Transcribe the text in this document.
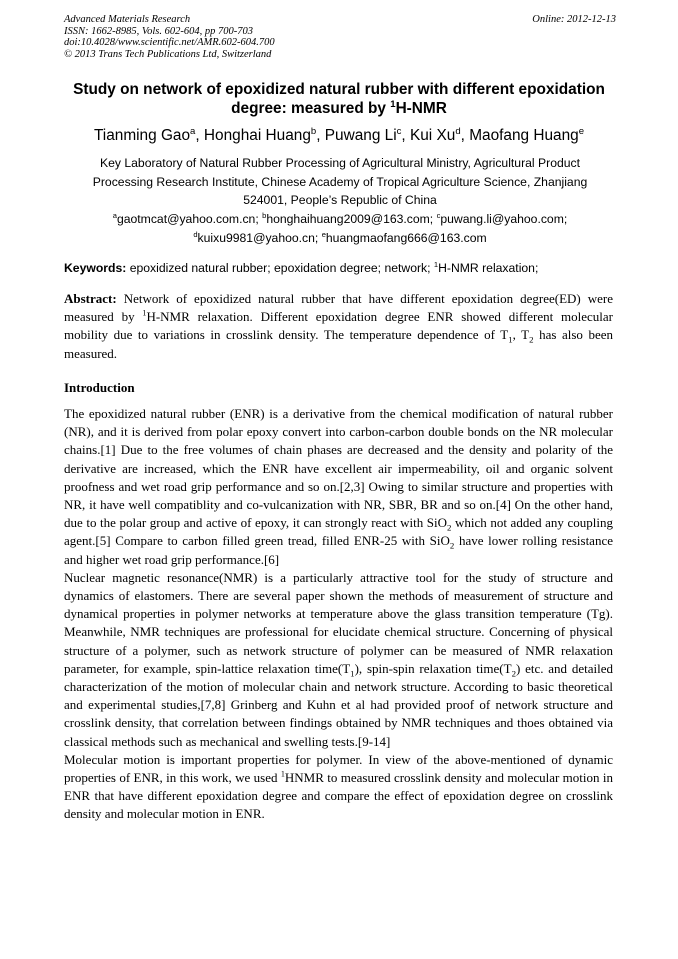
Advanced Materials Research
ISSN: 1662-8985, Vols. 602-604, pp 700-703
doi:10.4028/www.scientific.net/AMR.602-604.700
© 2013 Trans Tech Publications Ltd, Switzerland
Online: 2012-12-13
Study on network of epoxidized natural rubber with different epoxidation
degree: measured by $^1$H-NMR
Tianming Gao$^a$, Honghai Huang$^b$, Puwang Li$^c$, Kui Xu$^d$, Maofang Huang$^e$
Key Laboratory of Natural Rubber Processing of Agricultural Ministry, Agricultural Product
Processing Research Institute, Chinese Academy of Tropical Agriculture Science, Zhanjiang
524001, People’s Republic of China
$^a$gaotmcat@yahoo.com.cn; $^b$honghaihuang2009@163.com; $^c$puwang.li@yahoo.com;
$^d$kuixu9981@yahoo.cn; $^e$huangmaofang666@163.com
Keywords: epoxidized natural rubber; epoxidation degree; network; $^1$H-NMR relaxation;
Abstract: Network of epoxidized natural rubber that have different epoxidation degree(ED) were measured by $^1$H-NMR relaxation. Different epoxidation degree ENR showed different molecular mobility due to variations in crosslink density. The temperature dependence of $T_1$, $T_2$ has also been measured.
Introduction

The epoxidized natural rubber (ENR) is a derivative from the chemical modification of natural rubber (NR), and it is derived from polar epoxy convert into carbon-carbon double bonds on the NR molecular chains.[1] Due to the free volumes of chain phases are decreased and the density and polarity of the derivative are increased, which the ENR have excellent air impermeability, oil and organic solvent proofness and wet road grip performance and so on.[2,3] Owing to similar structure and properties with NR, it have well compatiblity and co-vulcanization with NR, SBR, BR and so on.[4] On the other hand, due to the polar group and active of epoxy, it can strongly react with SiO$_2$ which not added any coupling agent.[5] Compare to carbon filled green tread, filled ENR-25 with SiO$_2$ have lower rolling resistance and higher wet road grip performance.[6]

Nuclear magnetic resonance(NMR) is a particularly attractive tool for the study of structure and dynamics of elastomers. There are several paper shown the methods of measurement of structure and dynamical properties in polymer networks at temperature above the glass transition temperature (Tg). Meanwhile, NMR techniques are professional for elucidate chemical structure. Concerning of physical structure of a polymer, such as network structure of polymer can be measured of NMR relaxation parameter, for example, spin-lattice relaxation $time(T_1)$, spin-spin relaxation $time(T_2)$ etc. and detailed characterization of the motion of molecular chain and network structure. According to basic theoretical and experimental studies,[7,8] Grinberg and Kuhn et al had provided proof of network structure and crosslink density, that correlation between findings obtained by NMR techniques and thoes obtained via classical methods such as mechanical and swelling tests.[9-14]

Molecular motion is important properties for polymer. In view of the above-mentioned of dynamic properties of ENR, in this work, we used $^1$HNMR to measured crosslink density and molecular motion in ENR that have different epoxidation degree and compare the effect of epoxidation degree on crosslink density and molecular motion in ENR.
